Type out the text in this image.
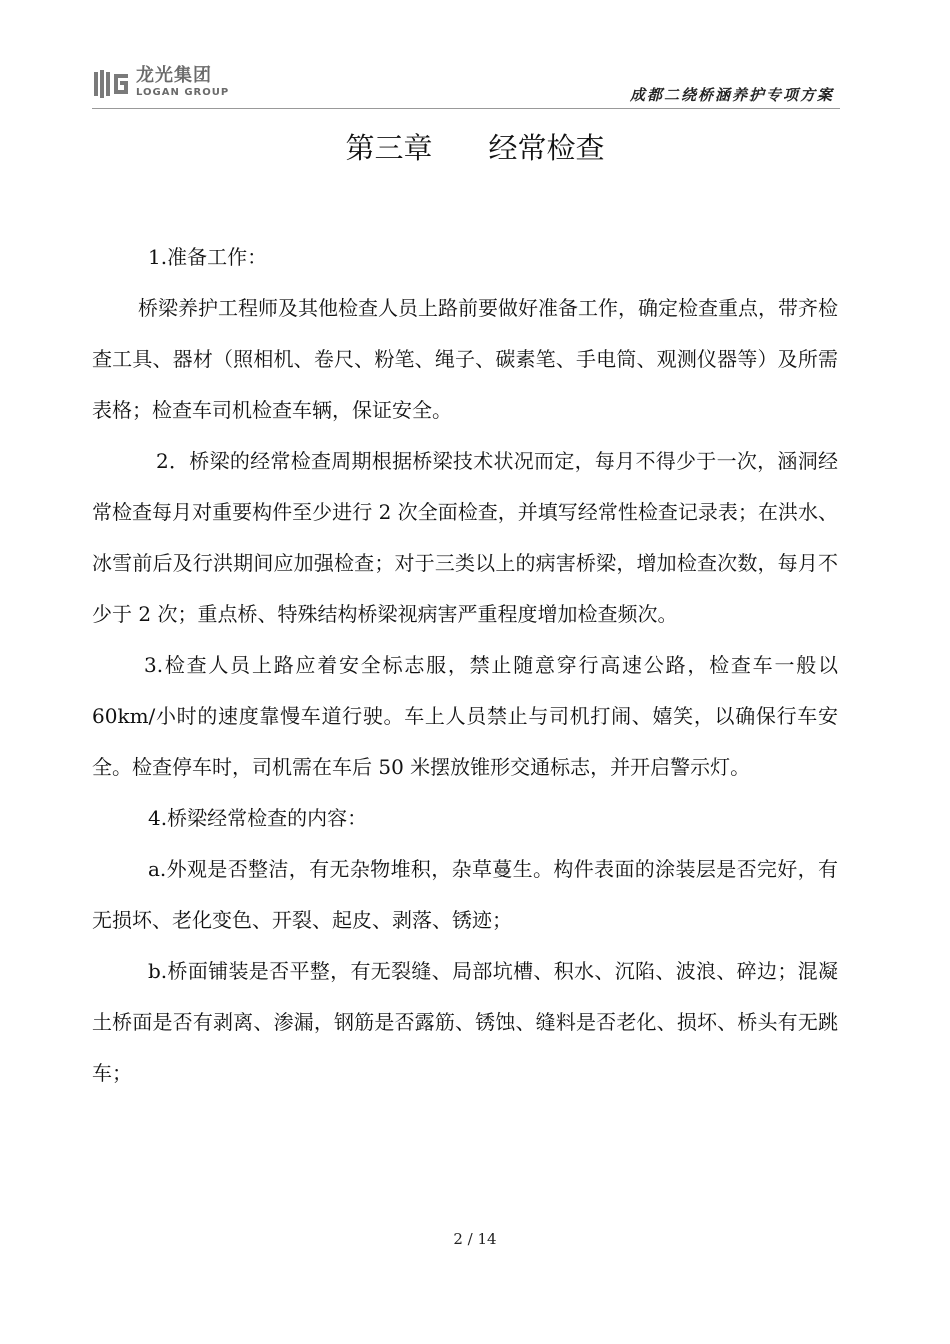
龙光集团
LOGAN GROUP	成都二绕桥涵养护专项方案
第三章 经常检查

1.准备工作：

桥梁养护工程师及其他检查人员上路前要做好准备工作，确定检查重点，带齐检查工具、器材（照相机、卷尺、粉笔、绳子、碳素笔、手电筒、观测仪器等）及所需表格；检查车司机检查车辆，保证安全。

2．桥梁的经常检查周期根据桥梁技术状况而定，每月不得少于一次，涵洞经常检查每月对重要构件至少进行 2 次全面检查，并填写经常性检查记录表；在洪水、冰雪前后及行洪期间应加强检查；对于三类以上的病害桥梁，增加检查次数，每月不少于 2 次；重点桥、特殊结构桥梁视病害严重程度增加检查频次。

3.检查人员上路应着安全标志服，禁止随意穿行高速公路，检查车一般以 60km/小时的速度靠慢车道行驶。车上人员禁止与司机打闹、嬉笑，以确保行车安全。检查停车时，司机需在车后 50 米摆放锥形交通标志，并开启警示灯。

4.桥梁经常检查的内容：

a.外观是否整洁，有无杂物堆积，杂草蔓生。构件表面的涂装层是否完好，有无损坏、老化变色、开裂、起皮、剥落、锈迹；

b.桥面铺装是否平整，有无裂缝、局部坑槽、积水、沉陷、波浪、碎边；混凝土桥面是否有剥离、渗漏，钢筋是否露筋、锈蚀、缝料是否老化、损坏、桥头有无跳车；

2 / 14
